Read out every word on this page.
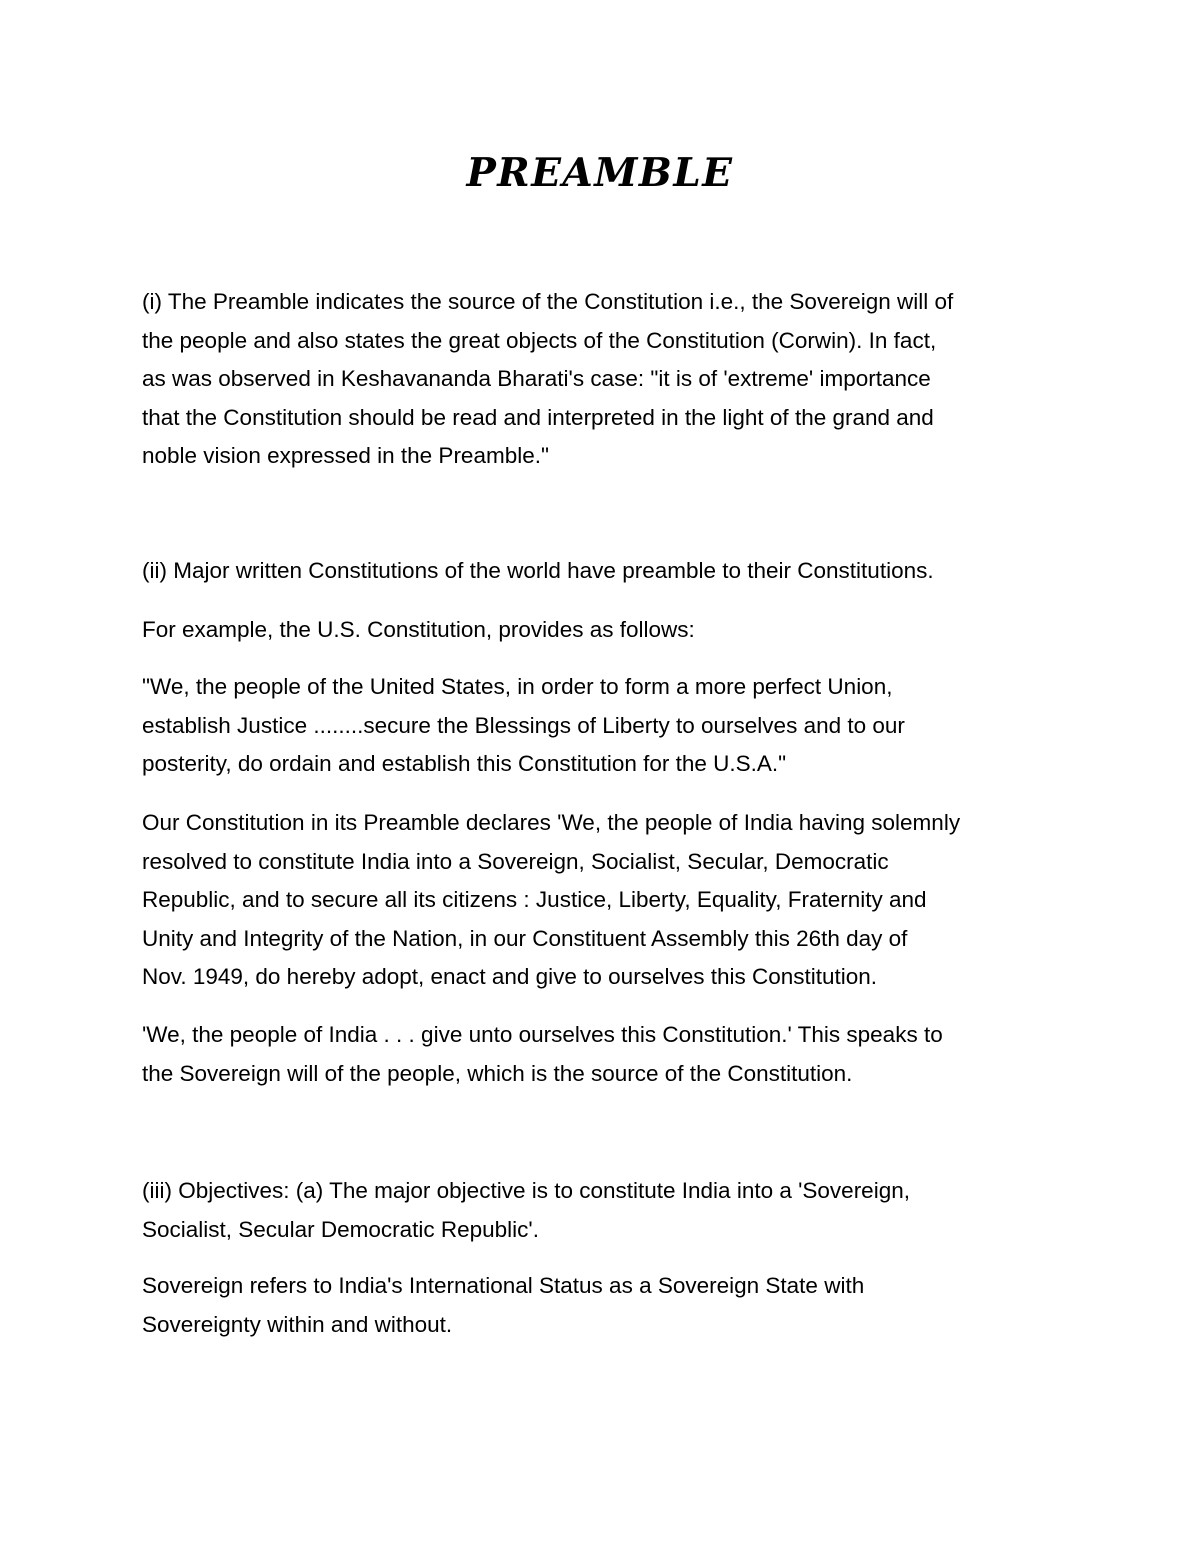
PREAMBLE

(i) The Preamble indicates the source of the Constitution i.e., the Sovereign will of
the people and also states the great objects of the Constitution (Corwin). In fact,
as was observed in Keshavananda Bharati's case: "it is of 'extreme' importance
that the Constitution should be read and interpreted in the light of the grand and
noble vision expressed in the Preamble."

(ii) Major written Constitutions of the world have preamble to their Constitutions.

For example, the U.S. Constitution, provides as follows:

"We, the people of the United States, in order to form a more perfect Union,
establish Justice ........secure the Blessings of Liberty to ourselves and to our
posterity, do ordain and establish this Constitution for the U.S.A."

Our Constitution in its Preamble declares 'We, the people of India having solemnly
resolved to constitute India into a Sovereign, Socialist, Secular, Democratic
Republic, and to secure all its citizens : Justice, Liberty, Equality, Fraternity and
Unity and Integrity of the Nation, in our Constituent Assembly this 26th day of
Nov. 1949, do hereby adopt, enact and give to ourselves this Constitution.

'We, the people of India . . . give unto ourselves this Constitution.' This speaks to
the Sovereign will of the people, which is the source of the Constitution.

(iii) Objectives: (a) The major objective is to constitute India into a 'Sovereign,
Socialist, Secular Democratic Republic'.

Sovereign refers to India's International Status as a Sovereign State with
Sovereignty within and without.
